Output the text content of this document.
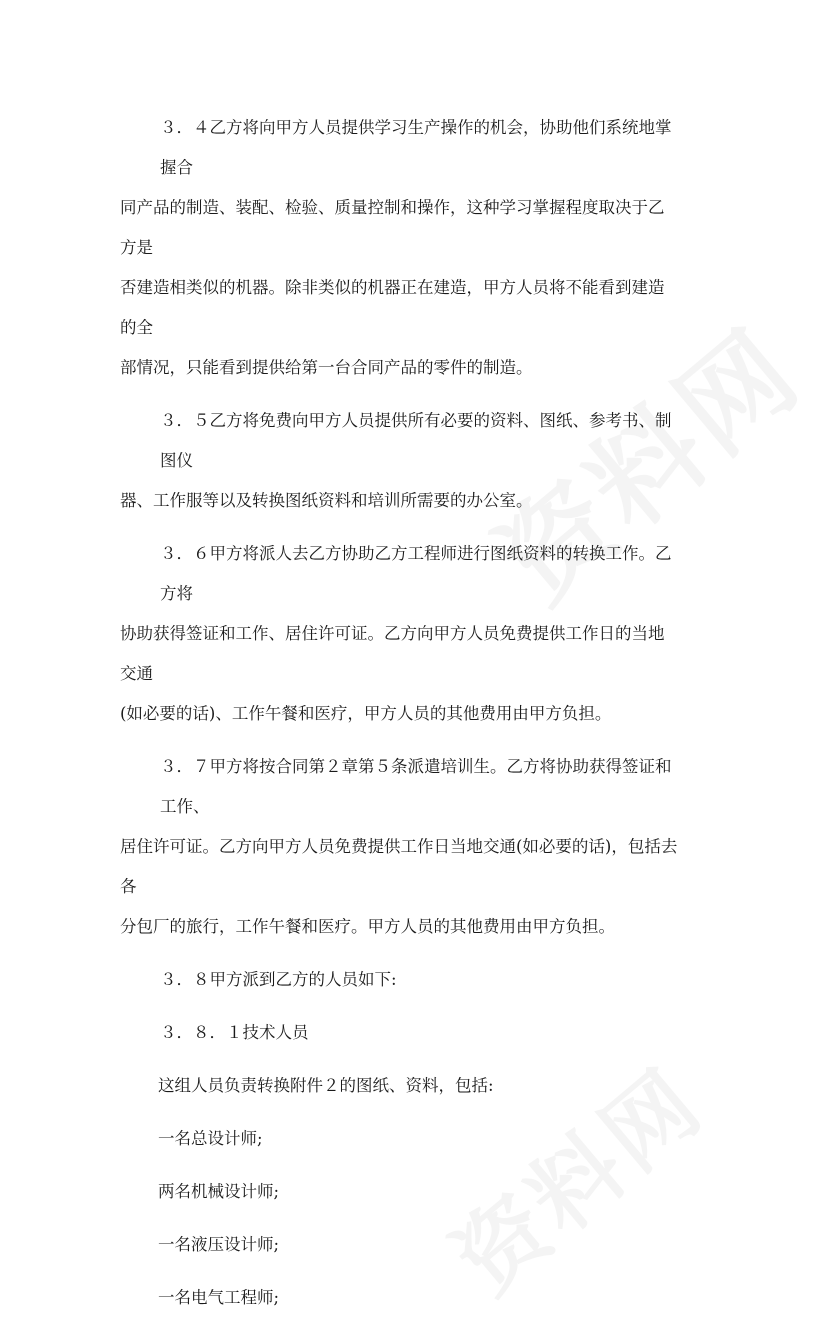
３．４乙方将向甲方人员提供学习生产操作的机会，协助他们系统地掌握合
同产品的制造、装配、检验、质量控制和操作，这种学习掌握程度取决于乙方是
否建造相类似的机器。除非类似的机器正在建造，甲方人员将不能看到建造的全
部情况，只能看到提供给第一台合同产品的零件的制造。
３．５乙方将免费向甲方人员提供所有必要的资料、图纸、参考书、制图仪
器、工作服等以及转换图纸资料和培训所需要的办公室。
３．６甲方将派人去乙方协助乙方工程师进行图纸资料的转换工作。乙方将
协助获得签证和工作、居住许可证。乙方向甲方人员免费提供工作日的当地交通
(如必要的话)、工作午餐和医疗，甲方人员的其他费用由甲方负担。
３．７甲方将按合同第２章第５条派遣培训生。乙方将协助获得签证和工作、
居住许可证。乙方向甲方人员免费提供工作日当地交通(如必要的话)，包括去各
分包厂的旅行，工作午餐和医疗。甲方人员的其他费用由甲方负担。
３．８甲方派到乙方的人员如下:
３．８．１技术人员
这组人员负责转换附件２的图纸、资料，包括:
一名总设计师;
两名机械设计师;
一名液压设计师;
一名电气工程师;
